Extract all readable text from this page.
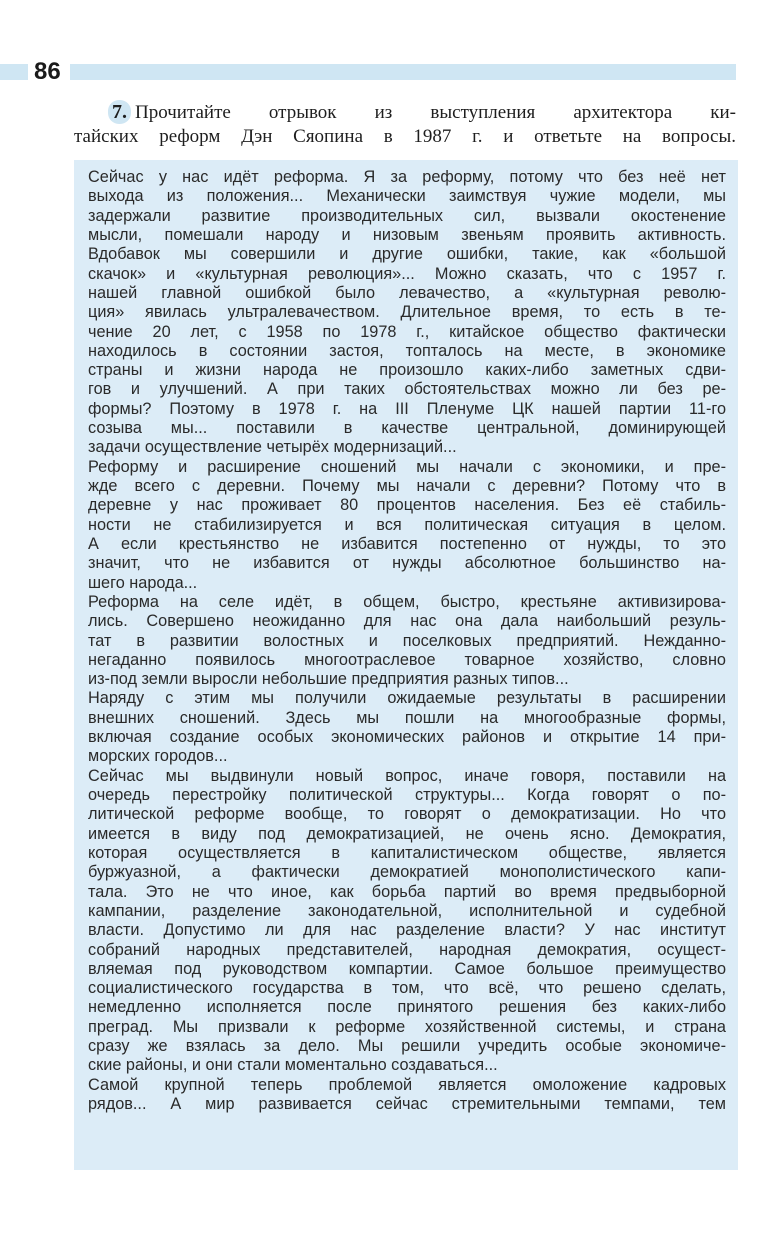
86
7. Прочитайте отрывок из выступления архитектора ки-
тайских реформ Дэн Сяопина в 1987 г. и ответьте на вопросы.
Сейчас у нас идёт реформа. Я за реформу, потому что без неё нет
выхода из положения... Механически заимствуя чужие модели, мы
задержали развитие производительных сил, вызвали окостенение
мысли, помешали народу и низовым звеньям проявить активность.
Вдобавок мы совершили и другие ошибки, такие, как «большой
скачок» и «культурная революция»... Можно сказать, что с 1957 г.
нашей главной ошибкой было левачество, а «культурная револю-
ция» явилась ультралевачеством. Длительное время, то есть в те-
чение 20 лет, с 1958 по 1978 г., китайское общество фактически
находилось в состоянии застоя, топталось на месте, в экономике
страны и жизни народа не произошло каких-либо заметных сдви-
гов и улучшений. А при таких обстоятельствах можно ли без ре-
формы? Поэтому в 1978 г. на III Пленуме ЦК нашей партии 11-го
созыва мы... поставили в качестве центральной, доминирующей
задачи осуществление четырёх модернизаций...
Реформу и расширение сношений мы начали с экономики, и пре-
жде всего с деревни. Почему мы начали с деревни? Потому что в
деревне у нас проживает 80 процентов населения. Без её стабиль-
ности не стабилизируется и вся политическая ситуация в целом.
А если крестьянство не избавится постепенно от нужды, то это
значит, что не избавится от нужды абсолютное большинство на-
шего народа...
Реформа на селе идёт, в общем, быстро, крестьяне активизирова-
лись. Совершено неожиданно для нас она дала наибольший резуль-
тат в развитии волостных и поселковых предприятий. Нежданно-
негаданно появилось многоотраслевое товарное хозяйство, словно
из-под земли выросли небольшие предприятия разных типов...
Наряду с этим мы получили ожидаемые результаты в расширении
внешних сношений. Здесь мы пошли на многообразные формы,
включая создание особых экономических районов и открытие 14 при-
морских городов...
Сейчас мы выдвинули новый вопрос, иначе говоря, поставили на
очередь перестройку политической структуры... Когда говорят о по-
литической реформе вообще, то говорят о демократизации. Но что
имеется в виду под демократизацией, не очень ясно. Демократия,
которая осуществляется в капиталистическом обществе, является
буржуазной, а фактически демократией монополистического капи-
тала. Это не что иное, как борьба партий во время предвыборной
кампании, разделение законодательной, исполнительной и судебной
власти. Допустимо ли для нас разделение власти? У нас институт
собраний народных представителей, народная демократия, осущест-
вляемая под руководством компартии. Самое большое преимущество
социалистического государства в том, что всё, что решено сделать,
немедленно исполняется после принятого решения без каких-либо
преград. Мы призвали к реформе хозяйственной системы, и страна
сразу же взялась за дело. Мы решили учредить особые экономиче-
ские районы, и они стали моментально создаваться...
Самой крупной теперь проблемой является омоложение кадровых
рядов... А мир развивается сейчас стремительными темпами, тем
